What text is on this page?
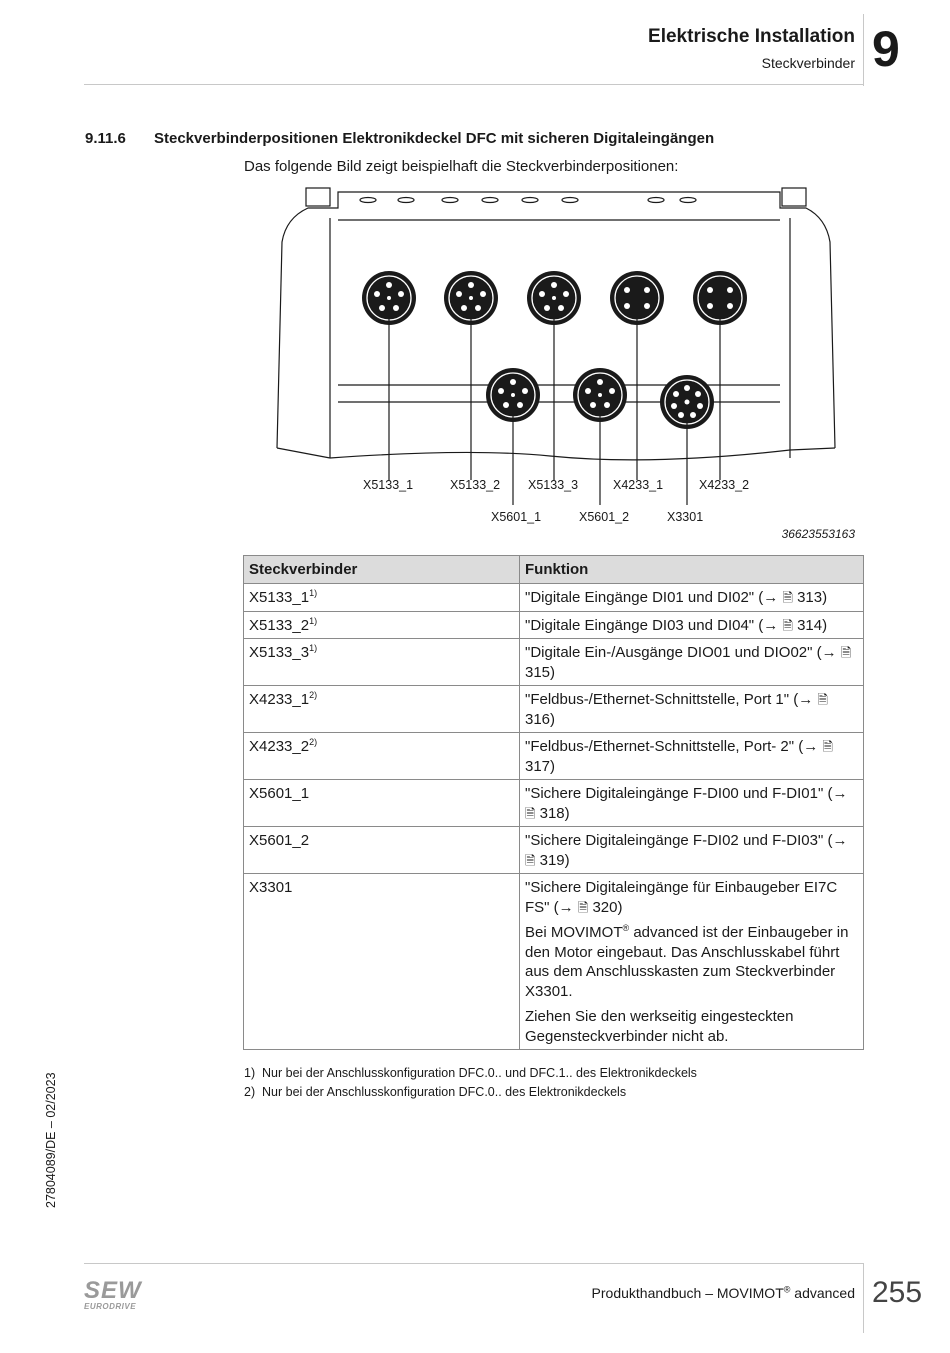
Elektrische Installation
Steckverbinder 9
9.11.6 Steckverbinderpositionen Elektronikdeckel DFC mit sicheren Digitaleingängen
Das folgende Bild zeigt beispielhaft die Steckverbinderpositionen:
X5133_1	X5133_2 X5133_3	X4233_1	X4233_2
X5601_1	X5601_2	X3301
36623553163
Steckverbinder	Funktion
X5133_1$^{1)}$	"Digitale Eingänge DI01 und DI02" (→ 🗎 313)
X5133_2$^{1)}$	"Digitale Eingänge DI03 und DI04" (→ 🗎 314)
X5133_3$^{1)}$	"Digitale Ein-/Ausgänge DIO01 und DIO02" (→ 🗎 315)
X4233_1$^{2)}$	"Feldbus-/Ethernet-Schnittstelle, Port 1" (→ 🗎 316)
X4233_2$^{2)}$	"Feldbus-/Ethernet-Schnittstelle, Port- 2" (→ 🗎 317)
X5601_1	"Sichere Digitaleingänge F-DI00 und F-DI01" (→ 🗎 318)
X5601_2	"Sichere Digitaleingänge F-DI02 und F-DI03" (→ 🗎 319)
X3301	"Sichere Digitaleingänge für Einbaugeber EI7C FS" (→ 🗎 320)
Bei MOVIMOT® advanced ist der Einbaugeber in den Motor eingebaut. Das Anschlusskabel führt aus dem Anschlusskasten zum Steckverbinder X3301.
Ziehen Sie den werkseitig eingesteckten Gegensteckverbinder nicht ab.
1) Nur bei der Anschlusskonfiguration DFC.0.. und DFC.1.. des Elektronikdeckels
2) Nur bei der Anschlusskonfiguration DFC.0.. des Elektronikdeckels
27804089/DE – 02/2023
SEW
EURODRIVE
Produkthandbuch – MOVIMOT® advanced 255
